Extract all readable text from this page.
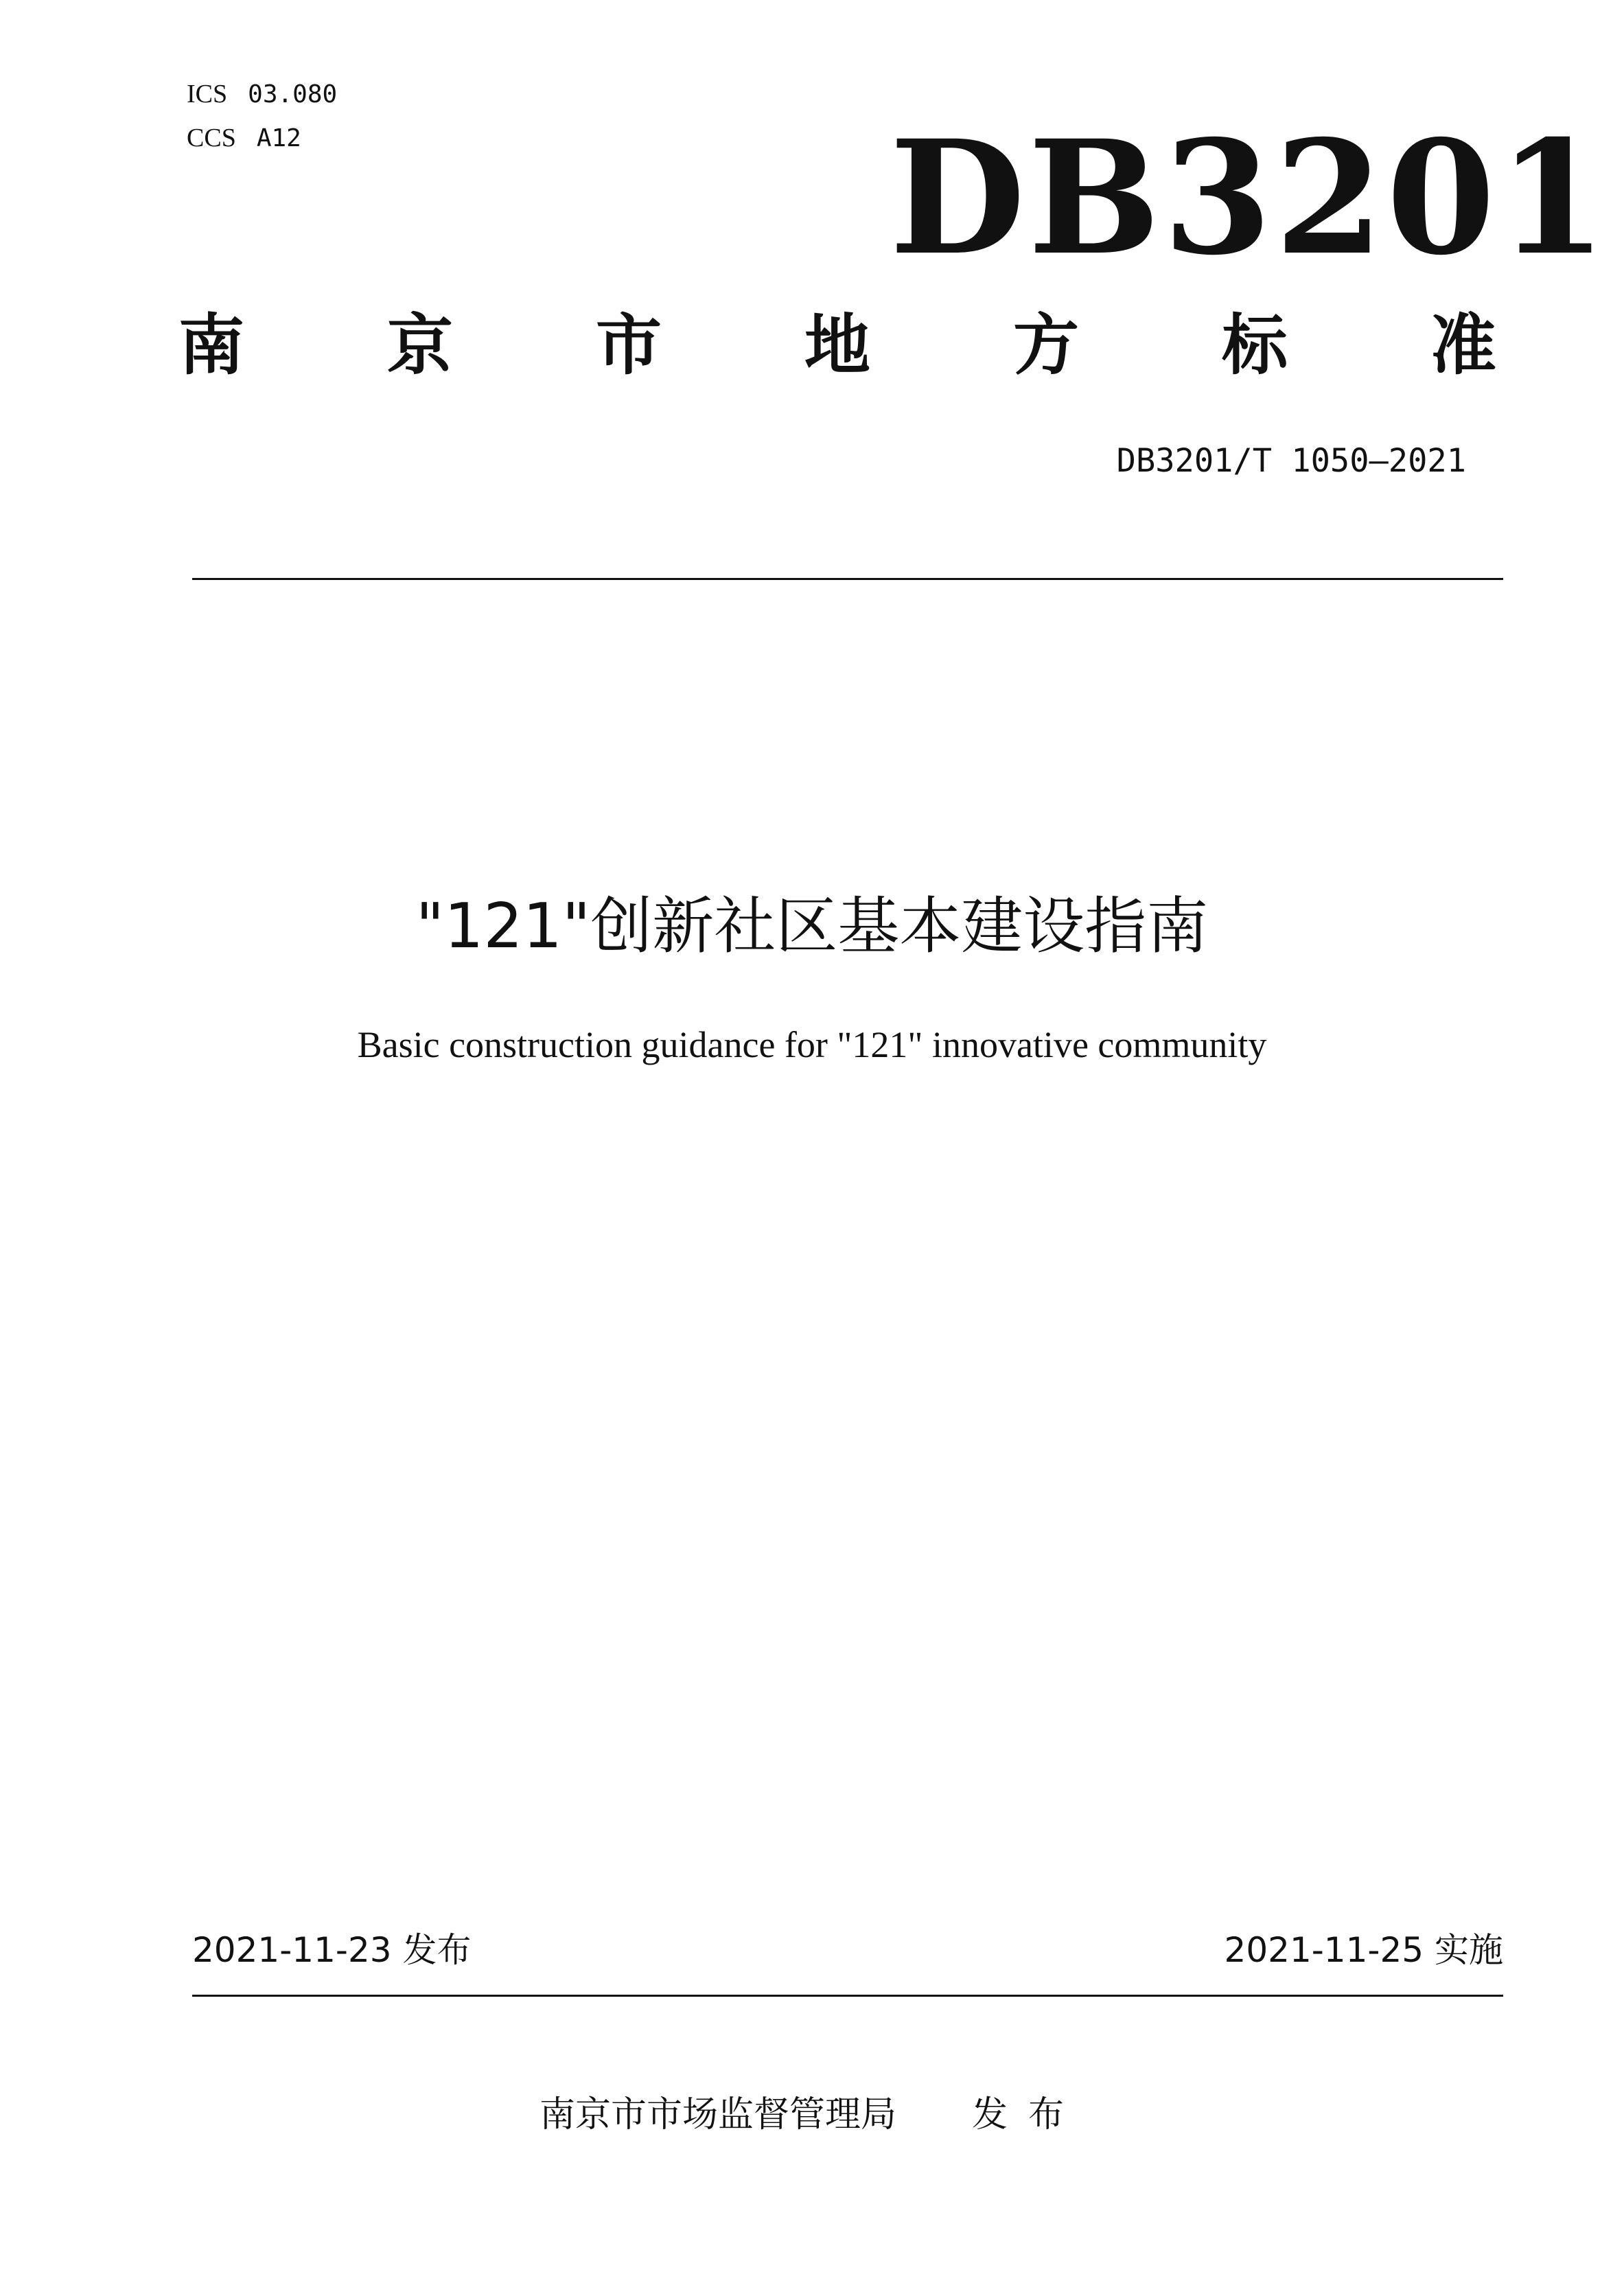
ICS 03.080
CCS A12	DB3201
南 京 市 地 方 标 准
DB3201/T 1050—2021
"121"创新社区基本建设指南
Basic construction guidance for "121" innovative community
2021-11-23 发布	2021-11-25 实施
南京市市场监督管理局 发布
